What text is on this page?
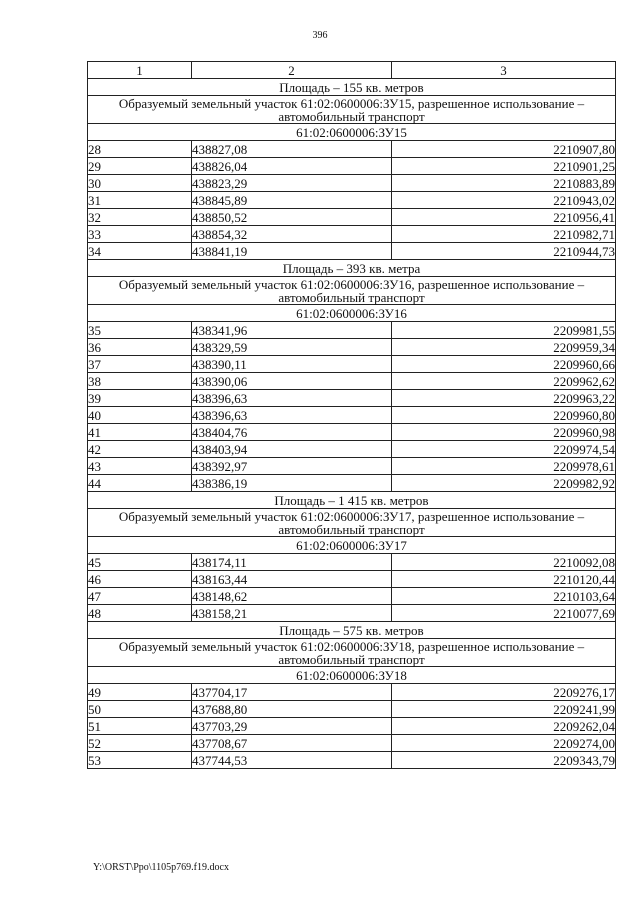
396
1	2	3
Площадь – 155 кв. метров		
Образуемый земельный участок 61:02:0600006:ЗУ15, разрешенное использование – автомобильный транспорт		
61:02:0600006:ЗУ15		
28	438827,08	2210907,80
29	438826,04	2210901,25
30	438823,29	2210883,89
31	438845,89	2210943,02
32	438850,52	2210956,41
33	438854,32	2210982,71
34	438841,19	2210944,73
Площадь – 393 кв. метра		
Образуемый земельный участок 61:02:0600006:ЗУ16, разрешенное использование – автомобильный транспорт		
61:02:0600006:ЗУ16		
35	438341,96	2209981,55
36	438329,59	2209959,34
37	438390,11	2209960,66
38	438390,06	2209962,62
39	438396,63	2209963,22
40	438396,63	2209960,80
41	438404,76	2209960,98
42	438403,94	2209974,54
43	438392,97	2209978,61
44	438386,19	2209982,92
Площадь – 1 415 кв. метров		
Образуемый земельный участок 61:02:0600006:ЗУ17, разрешенное использование – автомобильный транспорт		
61:02:0600006:ЗУ17		
45	438174,11	2210092,08
46	438163,44	2210120,44
47	438148,62	2210103,64
48	438158,21	2210077,69
Площадь – 575 кв. метров		
Образуемый земельный участок 61:02:0600006:ЗУ18, разрешенное использование – автомобильный транспорт		
61:02:0600006:ЗУ18		
49	437704,17	2209276,17
50	437688,80	2209241,99
51	437703,29	2209262,04
52	437708,67	2209274,00
53	437744,53	2209343,79
Y:\ORST\Ppo\1105p769.f19.docx
